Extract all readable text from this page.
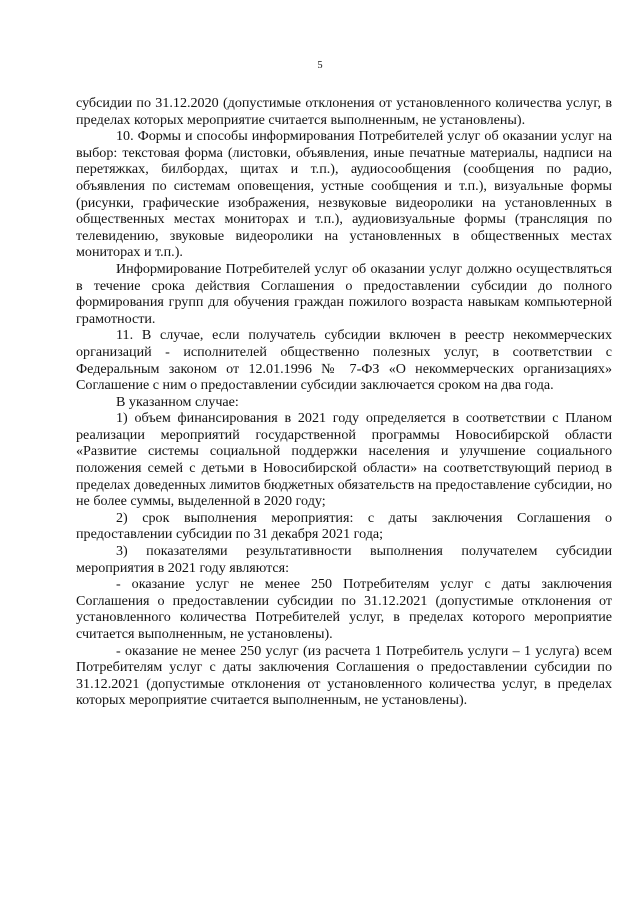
5

субсидии по 31.12.2020 (допустимые отклонения от установленного количества услуг, в пределах которых мероприятие считается выполненным, не установлены).

10. Формы и способы информирования Потребителей услуг об оказании услуг на выбор: текстовая форма (листовки, объявления, иные печатные материалы, надписи на перетяжках, билбордах, щитах и т.п.), аудиосообщения (сообщения по радио, объявления по системам оповещения, устные сообщения и т.п.), визуальные формы (рисунки, графические изображения, незвуковые видеоролики на установленных в общественных местах мониторах и т.п.), аудиовизуальные формы (трансляция по телевидению, звуковые видеоролики на установленных в общественных местах мониторах и т.п.).

Информирование Потребителей услуг об оказании услуг должно осуществляться в течение срока действия Соглашения о предоставлении субсидии до полного формирования групп для обучения граждан пожилого возраста навыкам компьютерной грамотности.

11. В случае, если получатель субсидии включен в реестр некоммерческих организаций - исполнителей общественно полезных услуг, в соответствии с Федеральным законом от 12.01.1996 № 7-ФЗ «О некоммерческих организациях» Соглашение с ним о предоставлении субсидии заключается сроком на два года.

В указанном случае:

1) объем финансирования в 2021 году определяется в соответствии с Планом реализации мероприятий государственной программы Новосибирской области «Развитие системы социальной поддержки населения и улучшение социального положения семей с детьми в Новосибирской области» на соответствующий период в пределах доведенных лимитов бюджетных обязательств на предоставление субсидии, но не более суммы, выделенной в 2020 году;

2) срок выполнения мероприятия: с даты заключения Соглашения о предоставлении субсидии по 31 декабря 2021 года;

3) показателями результативности выполнения получателем субсидии мероприятия в 2021 году являются:

- оказание услуг не менее 250 Потребителям услуг с даты заключения Соглашения о предоставлении субсидии по 31.12.2021 (допустимые отклонения от установленного количества Потребителей услуг, в пределах которого мероприятие считается выполненным, не установлены).

- оказание не менее 250 услуг (из расчета 1 Потребитель услуги – 1 услуга) всем Потребителям услуг с даты заключения Соглашения о предоставлении субсидии по 31.12.2021 (допустимые отклонения от установленного количества услуг, в пределах которых мероприятие считается выполненным, не установлены).
